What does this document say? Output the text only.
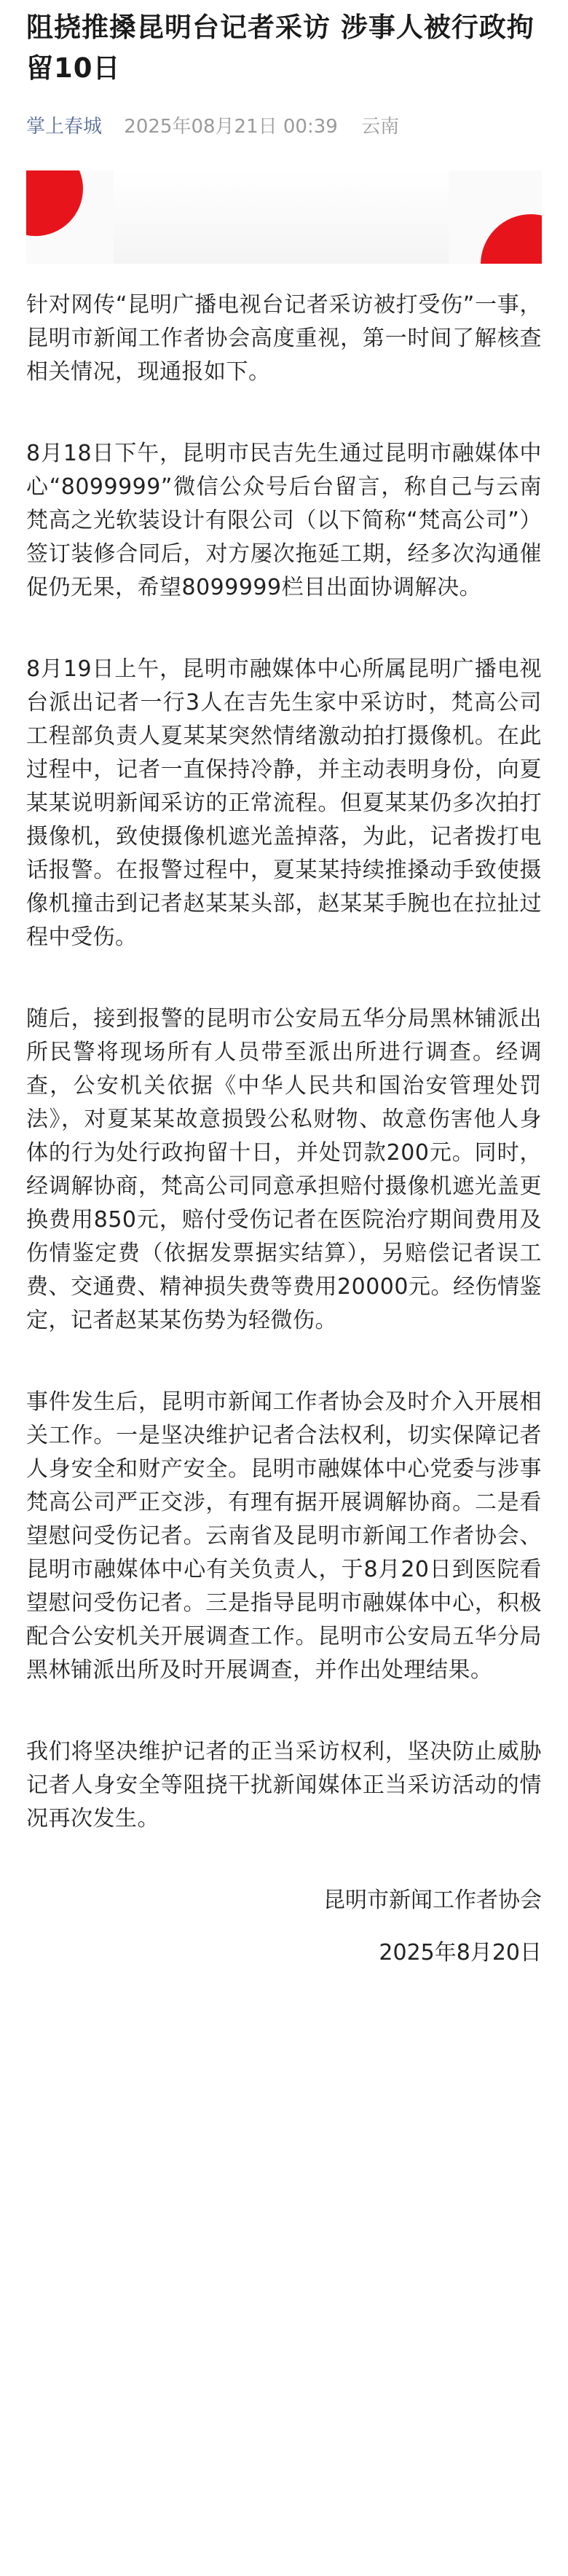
阻挠推搡昆明台记者采访 涉事人被行政拘留10日
掌上春城 2025年08月21日 00:39 云南

针对网传“昆明广播电视台记者采访被打受伤”一事，昆明市新闻工作者协会高度重视，第一时间了解核查相关情况，现通报如下。

8月18日下午，昆明市民吉先生通过昆明市融媒体中心“8099999”微信公众号后台留言，称自己与云南梵高之光软装设计有限公司（以下简称“梵高公司”）签订装修合同后，对方屡次拖延工期，经多次沟通催促仍无果，希望8099999栏目出面协调解决。

8月19日上午，昆明市融媒体中心所属昆明广播电视台派出记者一行3人在吉先生家中采访时，梵高公司工程部负责人夏某某突然情绪激动拍打摄像机。在此过程中，记者一直保持冷静，并主动表明身份，向夏某某说明新闻采访的正常流程。但夏某某仍多次拍打摄像机，致使摄像机遮光盖掉落，为此，记者拨打电话报警。在报警过程中，夏某某持续推搡动手致使摄像机撞击到记者赵某某头部，赵某某手腕也在拉扯过程中受伤。

随后，接到报警的昆明市公安局五华分局黑林铺派出所民警将现场所有人员带至派出所进行调查。经调查，公安机关依据《中华人民共和国治安管理处罚法》，对夏某某故意损毁公私财物、故意伤害他人身体的行为处行政拘留十日，并处罚款200元。同时，经调解协商，梵高公司同意承担赔付摄像机遮光盖更换费用850元，赔付受伤记者在医院治疗期间费用及伤情鉴定费（依据发票据实结算），另赔偿记者误工费、交通费、精神损失费等费用20000元。经伤情鉴定，记者赵某某伤势为轻微伤。

事件发生后，昆明市新闻工作者协会及时介入开展相关工作。一是坚决维护记者合法权利，切实保障记者人身安全和财产安全。昆明市融媒体中心党委与涉事梵高公司严正交涉，有理有据开展调解协商。二是看望慰问受伤记者。云南省及昆明市新闻工作者协会、昆明市融媒体中心有关负责人，于8月20日到医院看望慰问受伤记者。三是指导昆明市融媒体中心，积极配合公安机关开展调查工作。昆明市公安局五华分局黑林铺派出所及时开展调查，并作出处理结果。

我们将坚决维护记者的正当采访权利，坚决防止威胁记者人身安全等阻挠干扰新闻媒体正当采访活动的情况再次发生。

昆明市新闻工作者协会
2025年8月20日
